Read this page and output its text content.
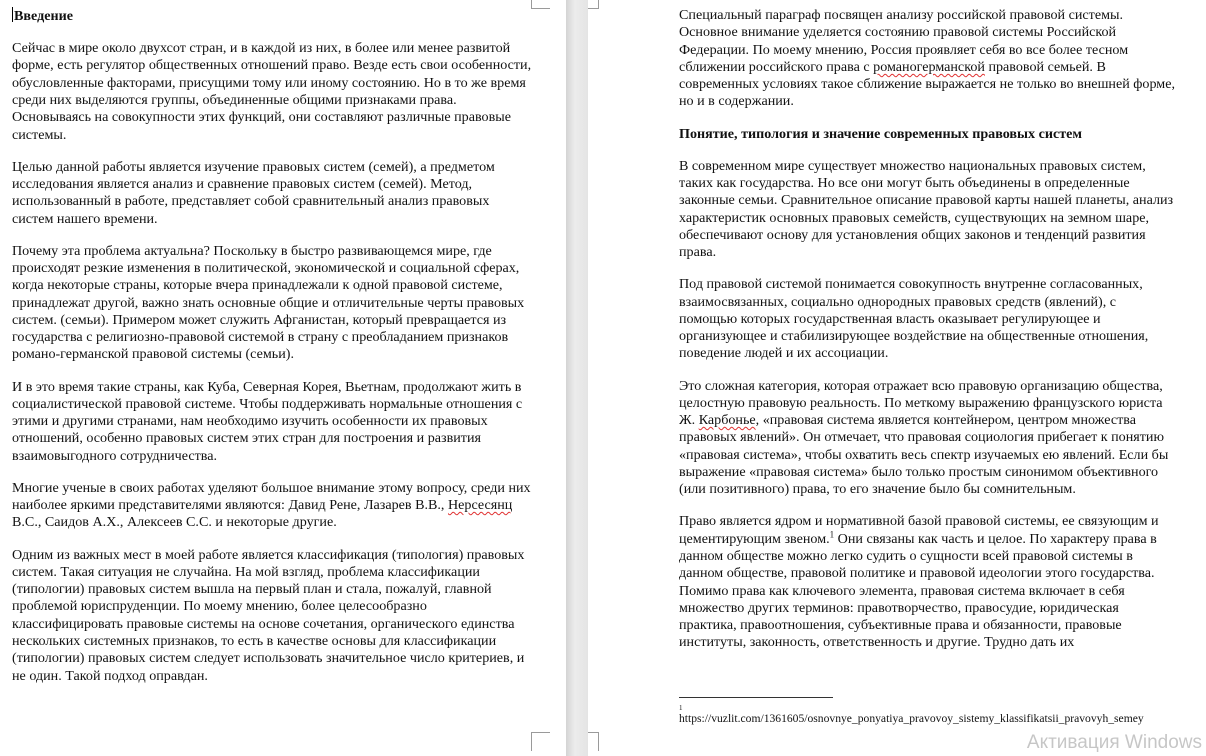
Введение

Сейчас в мире около двухсот стран, и в каждой из них, в более или менее развитой форме, есть регулятор общественных отношений право. Везде есть свои особенности, обусловленные факторами, присущими тому или иному состоянию. Но в то же время среди них выделяются группы, объединенные общими признаками права. Основываясь на совокупности этих функций, они составляют различные правовые системы.

Целью данной работы является изучение правовых систем (семей), а предметом исследования является анализ и сравнение правовых систем (семей). Метод, использованный в работе, представляет собой сравнительный анализ правовых систем нашего времени.

Почему эта проблема актуальна? Поскольку в быстро развивающемся мире, где происходят резкие изменения в политической, экономической и социальной сферах, когда некоторые страны, которые вчера принадлежали к одной правовой системе, принадлежат другой, важно знать основные общие и отличительные черты правовых систем. (семьи). Примером может служить Афганистан, который превращается из государства с религиозно-правовой системой в страну с преобладанием признаков романо-германской правовой системы (семьи).

И в это время такие страны, как Куба, Северная Корея, Вьетнам, продолжают жить в социалистической правовой системе. Чтобы поддерживать нормальные отношения с этими и другими странами, нам необходимо изучить особенности их правовых отношений, особенно правовых систем этих стран для построения и развития взаимовыгодного сотрудничества.

Многие ученые в своих работах уделяют большое внимание этому вопросу, среди них наиболее яркими представителями являются: Давид Рене, Лазарев В.В., Нерсесянц В.С., Саидов А.Х., Алексеев С.С. и некоторые другие.

Одним из важных мест в моей работе является классификация (типология) правовых систем. Такая ситуация не случайна. На мой взгляд, проблема классификации (типологии) правовых систем вышла на первый план и стала, пожалуй, главной проблемой юриспруденции. По моему мнению, более целесообразно классифицировать правовые системы на основе сочетания, органического единства нескольких системных признаков, то есть в качестве основы для классификации (типологии) правовых систем следует использовать значительное число критериев, и не один. Такой подход оправдан.

Специальный параграф посвящен анализу российской правовой системы. Основное внимание уделяется состоянию правовой системы Российской Федерации. По моему мнению, Россия проявляет себя во все более тесном сближении российского права с романогерманской правовой семьей. В современных условиях такое сближение выражается не только во внешней форме, но и в содержании.

Понятие, типология и значение современных правовых систем

В современном мире существует множество национальных правовых систем, таких как государства. Но все они могут быть объединены в определенные законные семьи. Сравнительное описание правовой карты нашей планеты, анализ характеристик основных правовых семейств, существующих на земном шаре, обеспечивают основу для установления общих законов и тенденций развития права.

Под правовой системой понимается совокупность внутренне согласованных, взаимосвязанных, социально однородных правовых средств (явлений), с помощью которых государственная власть оказывает регулирующее и организующее и стабилизирующее воздействие на общественные отношения, поведение людей и их ассоциации.

Это сложная категория, которая отражает всю правовую организацию общества, целостную правовую реальность. По меткому выражению французского юриста Ж. Карбонье, «правовая система является контейнером, центром множества правовых явлений». Он отмечает, что правовая социология прибегает к понятию «правовая система», чтобы охватить весь спектр изучаемых ею явлений. Если бы выражение «правовая система» было только простым синонимом объективного (или позитивного) права, то его значение было бы сомнительным.

Право является ядром и нормативной базой правовой системы, ее связующим и цементирующим звеном.$^1$ Они связаны как часть и целое. По характеру права в данном обществе можно легко судить о сущности всей правовой системы в данном обществе, правовой политике и правовой идеологии этого государства. Помимо права как ключевого элемента, правовая система включает в себя множество других терминов: правотворчество, правосудие, юридическая практика, правоотношения, субъективные права и обязанности, правовые институты, законность, ответственность и другие. Трудно дать их

1
https://vuzlit.com/1361605/osnovnye_ponyatiya_pravovoy_sistemy_klassifikatsii_pravovyh_semey
Активация Windows
